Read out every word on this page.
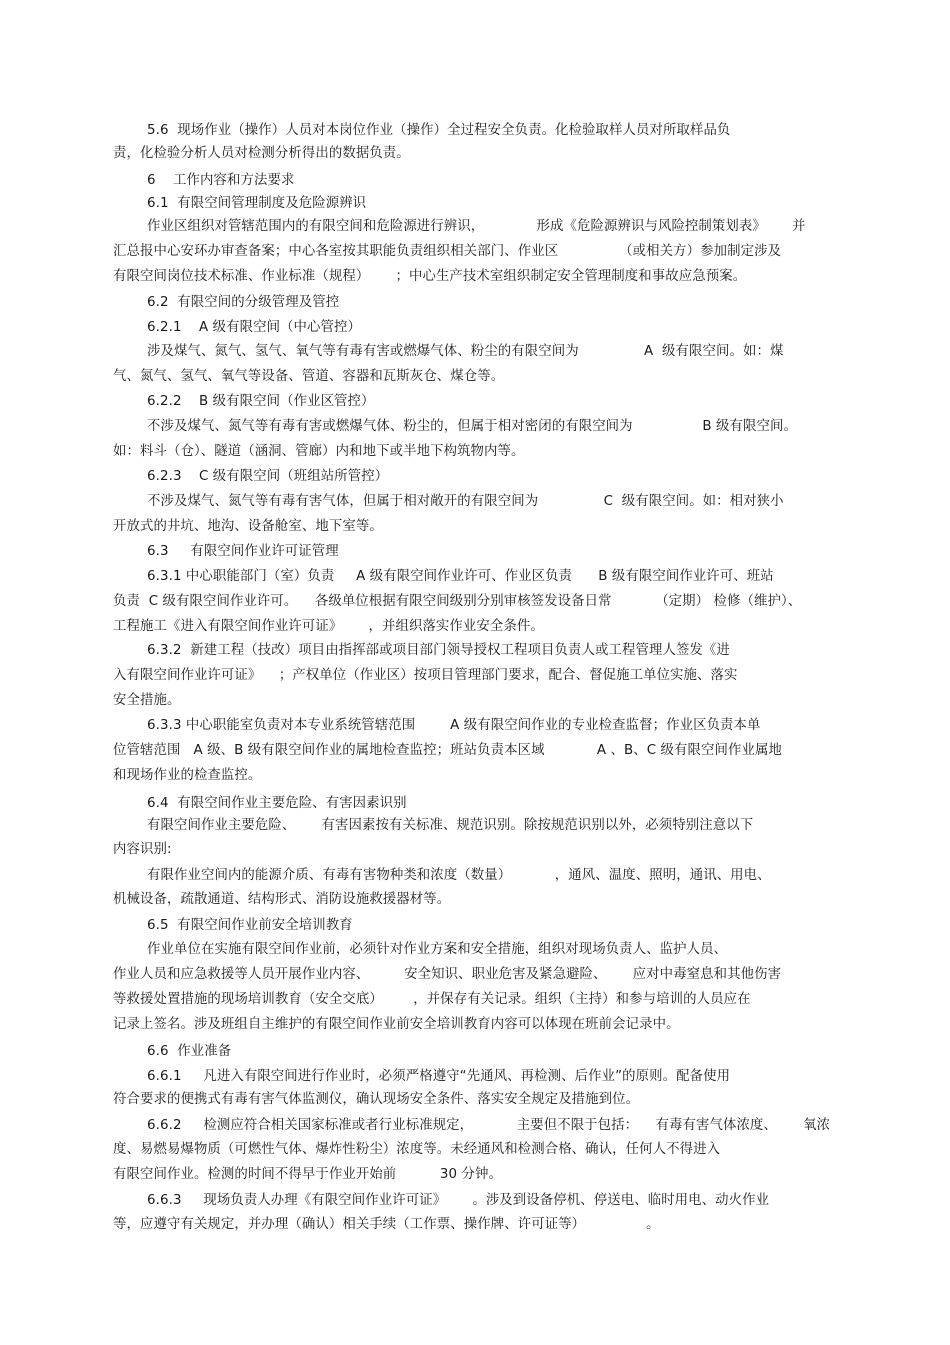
5.6  现场作业（操作）人员对本岗位作业（操作）全过程安全负责。化检验取样人员对所取样品负
责，化检验分析人员对检测分析得出的数据负责。
6    工作内容和方法要求
6.1  有限空间管理制度及危险源辨识
作业区组织对管辖范围内的有限空间和危险源进行辨识，            形成《危险源辨识与风险控制策划表》      并
汇总报中心安环办审查备案；中心各室按其职能负责组织相关部门、作业区              （或相关方）参加制定涉及
有限空间岗位技术标准、作业标准（规程）      ；中心生产技术室组织制定安全管理制度和事故应急预案。
6.2  有限空间的分级管理及管控
6.2.1    A 级有限空间（中心管控）
涉及煤气、氮气、氢气、氧气等有毒有害或燃爆气体、粉尘的有限空间为               A  级有限空间。如：煤
气、氮气、氢气、氧气等设备、管道、容器和瓦斯灰仓、煤仓等。
6.2.2    B 级有限空间（作业区管控）
不涉及煤气、氮气等有毒有害或燃爆气体、粉尘的，但属于相对密闭的有限空间为                B 级有限空间。
如：料斗（仓）、隧道（涵洞、管廊）内和地下或半地下构筑物内等。
6.2.3    C 级有限空间（班组站所管控）
不涉及煤气、氮气等有毒有害气体，但属于相对敞开的有限空间为               C  级有限空间。如：相对狭小
开放式的井坑、地沟、设备舱室、地下室等。
6.3     有限空间作业许可证管理
6.3.1 中心职能部门（室）负责     A 级有限空间作业许可、作业区负责      B 级有限空间作业许可、班站
负责  C 级有限空间作业许可。    各级单位根据有限空间级别分别审核签发设备日常          （定期） 检修（维护）、
工程施工《进入有限空间作业许可证》      ，并组织落实作业安全条件。
6.3.2  新建工程（技改）项目由指挥部或项目部门领导授权工程项目负责人或工程管理人签发《进
入有限空间作业许可证》    ；产权单位（作业区）按项目管理部门要求，配合、督促施工单位实施、落实
安全措施。
6.3.3 中心职能室负责对本专业系统管辖范围        A 级有限空间作业的专业检查监督；作业区负责本单
位管辖范围   A 级、B 级有限空间作业的属地检查监控；班站负责本区域            A 、B、C 级有限空间作业属地
和现场作业的检查监控。
6.4  有限空间作业主要危险、有害因素识别
有限空间作业主要危险、      有害因素按有关标准、规范识别。除按规范识别以外，必须特别注意以下
内容识别:
有限作业空间内的能源介质、有毒有害物种类和浓度（数量）          ，通风、温度、照明，通讯、用电、
机械设备，疏散通道、结构形式、消防设施救援器材等。
6.5  有限空间作业前安全培训教育
作业单位在实施有限空间作业前，必须针对作业方案和安全措施，组织对现场负责人、监护人员、
作业人员和应急救援等人员开展作业内容、        安全知识、职业危害及紧急避险、      应对中毒窒息和其他伤害
等救援处置措施的现场培训教育（安全交底）       ，并保存有关记录。组织（主持）和参与培训的人员应在
记录上签名。涉及班组自主维护的有限空间作业前安全培训教育内容可以体现在班前会记录中。
6.6  作业准备
6.6.1     凡进入有限空间进行作业时，必须严格遵守“先通风、再检测、后作业”的原则。配备使用
符合要求的便携式有毒有害气体监测仪，确认现场安全条件、落实安全规定及措施到位。
6.6.2     检测应符合相关国家标准或者行业标准规定，          主要但不限于包括：    有毒有害气体浓度、      氧浓
度、易燃易爆物质（可燃性气体、爆炸性粉尘）浓度等。未经通风和检测合格、确认，任何人不得进入
有限空间作业。检测的时间不得早于作业开始前          30 分钟。
6.6.3     现场负责人办理《有限空间作业许可证》      。涉及到设备停机、停送电、临时用电、动火作业
等，应遵守有关规定，并办理（确认）相关手续（工作票、操作牌、许可证等）              。
